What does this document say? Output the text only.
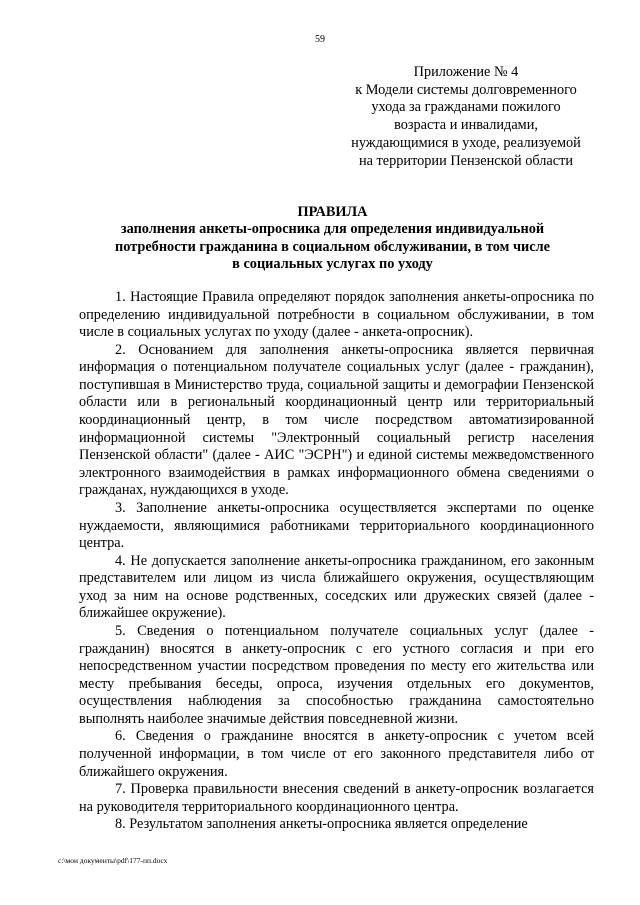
59
Приложение № 4
к Модели системы долговременного
ухода за гражданами пожилого
возраста и инвалидами,
нуждающимися в уходе, реализуемой
на территории Пензенской области
ПРАВИЛА
заполнения анкеты-опросника для определения индивидуальной
потребности гражданина в социальном обслуживании, в том числе
в социальных услугах по уходу

1. Настоящие Правила определяют порядок заполнения анкеты-опросника по определению индивидуальной потребности в социальном обслуживании, в том числе в социальных услугах по уходу (далее - анкета-опросник).

2. Основанием для заполнения анкеты-опросника является первичная информация о потенциальном получателе социальных услуг (далее - гражданин), поступившая в Министерство труда, социальной защиты и демографии Пензенской области или в региональный координационный центр или территориальный координационный центр, в том числе посредством автоматизированной информационной системы "Электронный социальный регистр населения Пензенской области" (далее - АИС "ЭСРН") и единой системы межведомственного электронного взаимодействия в рамках информационного обмена сведениями о гражданах, нуждающихся в уходе.

3. Заполнение анкеты-опросника осуществляется экспертами по оценке нуждаемости, являющимися работниками территориального координационного центра.

4. Не допускается заполнение анкеты-опросника гражданином, его законным представителем или лицом из числа ближайшего окружения, осуществляющим уход за ним на основе родственных, соседских или дружеских связей (далее - ближайшее окружение).

5. Сведения о потенциальном получателе социальных услуг (далее - гражданин) вносятся в анкету-опросник с его устного согласия и при его непосредственном участии посредством проведения по месту его жительства или месту пребывания беседы, опроса, изучения отдельных его документов, осуществления наблюдения за способностью гражданина самостоятельно выполнять наиболее значимые действия повседневной жизни.

6. Сведения о гражданине вносятся в анкету-опросник с учетом всей полученной информации, в том числе от его законного представителя либо от ближайшего окружения.

7. Проверка правильности внесения сведений в анкету-опросник возлагается на руководителя территориального координационного центра.

8. Результатом заполнения анкеты-опросника является определение

c:\мои документы\pdf\177-пп.docx
